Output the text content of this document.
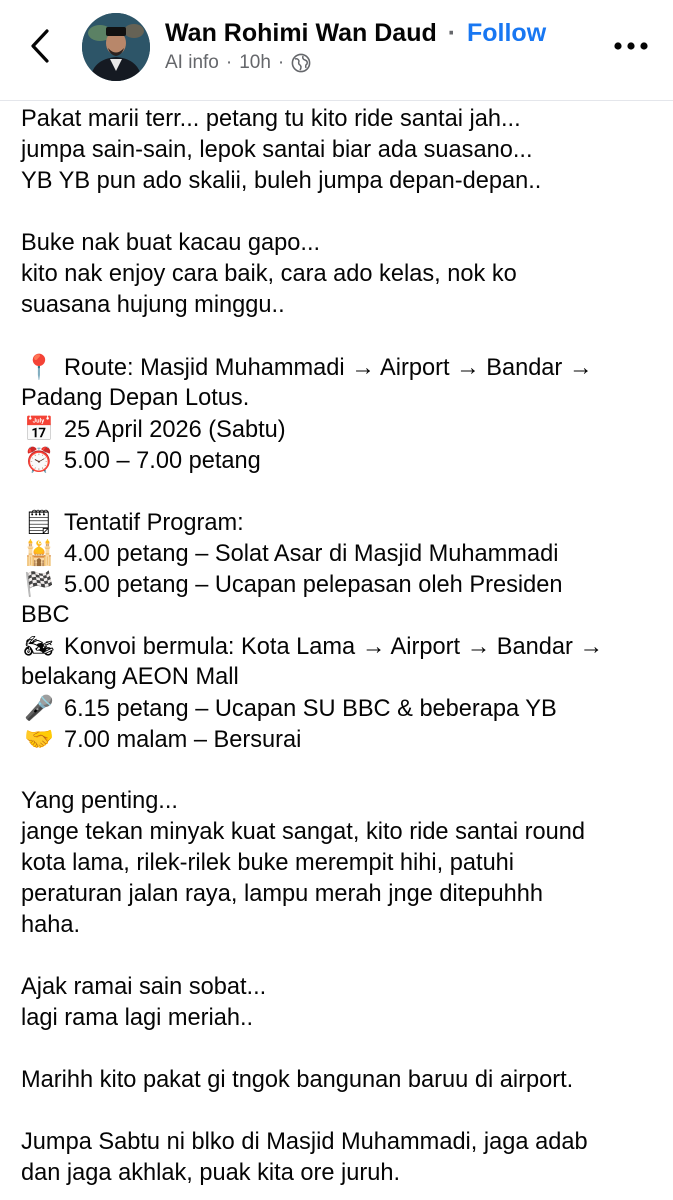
Wan Rohimi Wan Daud · Follow
AI info · 10h ·
Pakat marii terr... petang tu kito ride santai jah...
jumpa sain-sain, lepok santai biar ada suasano...
YB YB pun ado skalii, buleh jumpa depan-depan..
Buke nak buat kacau gapo...
kito nak enjoy cara baik, cara ado kelas, nok ko
suasana hujung minggu..
📍 Route: Masjid Muhammadi → Airport → Bandar →
Padang Depan Lotus.
📅 25 April 2026 (Sabtu)
⏰ 5.00 – 7.00 petang
🗒 Tentatif Program:
🕌 4.00 petang – Solat Asar di Masjid Muhammadi
🏁 5.00 petang – Ucapan pelepasan oleh Presiden
BBC
🏍 Konvoi bermula: Kota Lama → Airport → Bandar →
belakang AEON Mall
🎤 6.15 petang – Ucapan SU BBC & beberapa YB
🤝 7.00 malam – Bersurai
Yang penting...
jange tekan minyak kuat sangat, kito ride santai round
kota lama, rilek-rilek buke merempit hihi, patuhi
peraturan jalan raya, lampu merah jnge ditepuhhh
haha.
Ajak ramai sain sobat...
lagi rama lagi meriah..
Marihh kito pakat gi tngok bangunan baruu di airport.
Jumpa Sabtu ni blko di Masjid Muhammadi, jaga adab
dan jaga akhlak, puak kita ore juruh.
